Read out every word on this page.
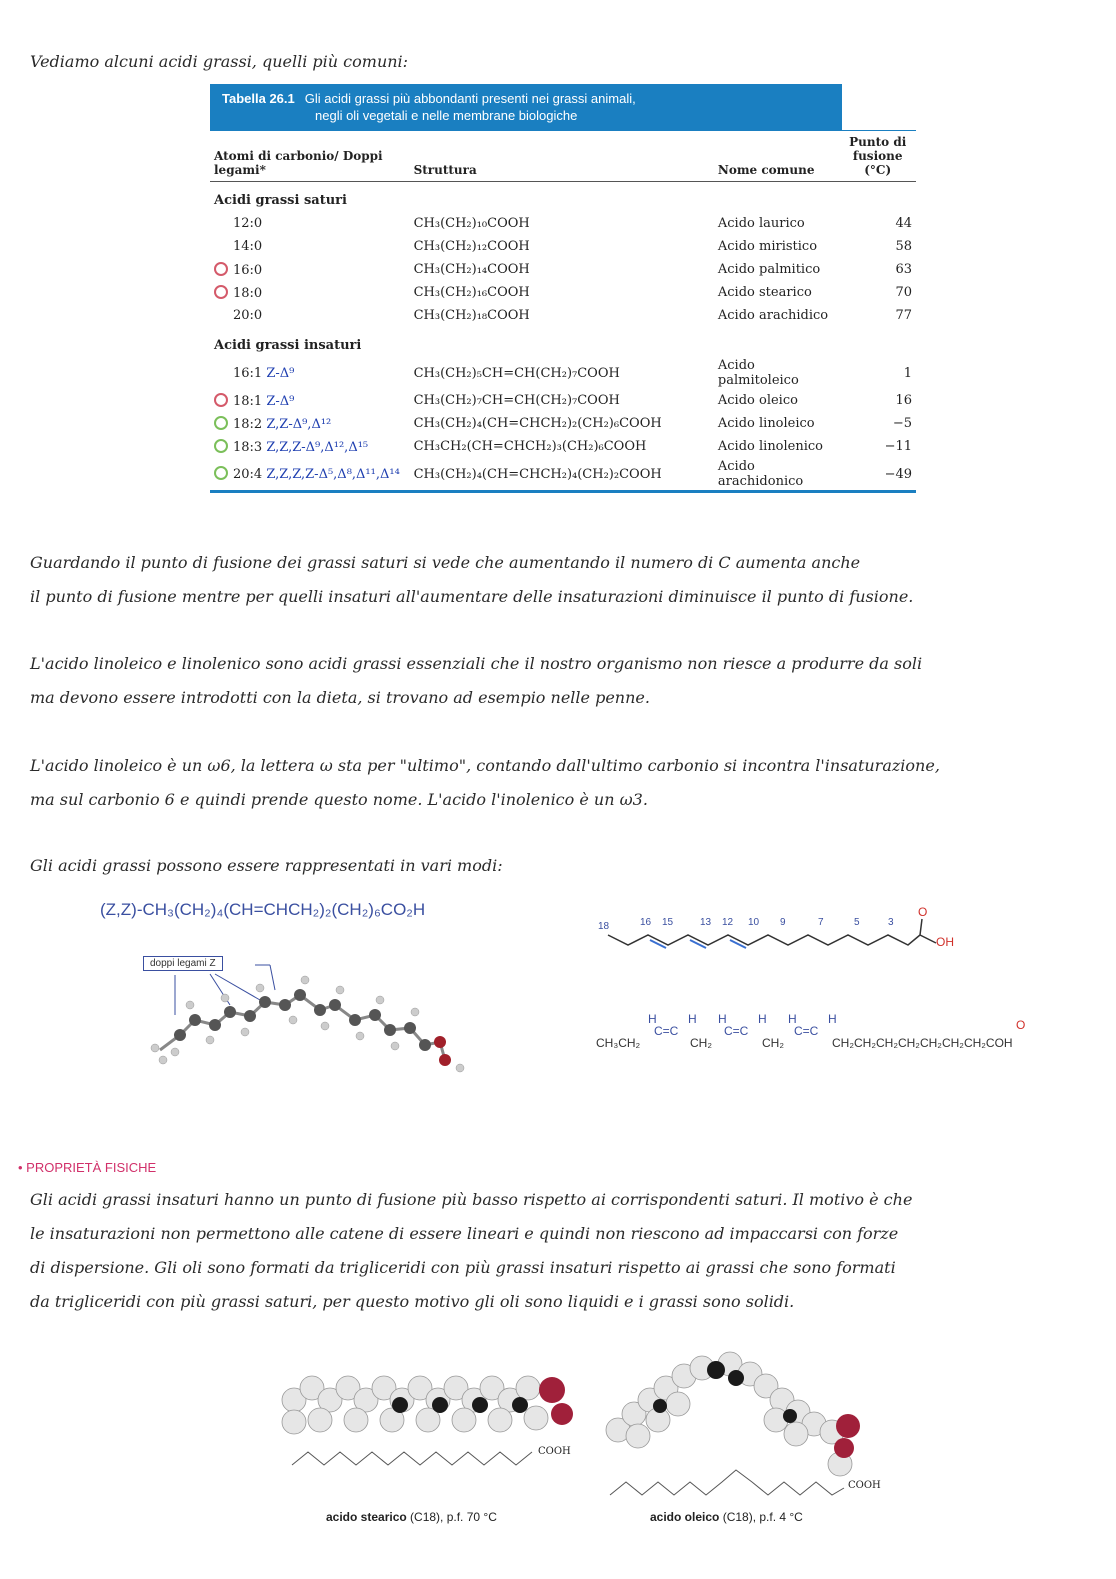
Vediamo alcuni acidi grassi, quelli più comuni:
Tabella 26.1 Gli acidi grassi più abbondanti presenti nei grassi animali,
negli oli vegetali e nelle membrane biologiche
Atomi di carbonio/ Doppi legami*	Struttura	Nome comune	Punto di fusione (°C)
Acidi grassi saturi			
12:0	CH₃(CH₂)₁₀COOH	Acido laurico	44
14:0	CH₃(CH₂)₁₂COOH	Acido miristico	58
16:0	CH₃(CH₂)₁₄COOH	Acido palmitico	63
18:0	CH₃(CH₂)₁₆COOH	Acido stearico	70
20:0	CH₃(CH₂)₁₈COOH	Acido arachidico	77
Acidi grassi insaturi			
16:1 Z-Δ⁹	CH₃(CH₂)₅CH=CH(CH₂)₇COOH	Acido palmitoleico	1
18:1 Z-Δ⁹	CH₃(CH₂)₇CH=CH(CH₂)₇COOH	Acido oleico	16
18:2 Z,Z-Δ⁹,Δ¹²	CH₃(CH₂)₄(CH=CHCH₂)₂(CH₂)₆COOH	Acido linoleico	−5
18:3 Z,Z,Z-Δ⁹,Δ¹²,Δ¹⁵	CH₃CH₂(CH=CHCH₂)₃(CH₂)₆COOH	Acido linolenico	−11
20:4 Z,Z,Z,Z-Δ⁵,Δ⁸,Δ¹¹,Δ¹⁴	CH₃(CH₂)₄(CH=CHCH₂)₄(CH₂)₂COOH	Acido arachidonico	−49
Guardando il punto di fusione dei grassi saturi si vede che aumentando il numero di C aumenta anche
il punto di fusione mentre per quelli insaturi all'aumentare delle insaturazioni diminuisce il punto di fusione.
L'acido linoleico e linolenico sono acidi grassi essenziali che il nostro organismo non riesce a produrre da soli
ma devono essere introdotti con la dieta, si trovano ad esempio nelle penne.
L'acido linoleico è un ω6, la lettera ω sta per "ultimo", contando dall'ultimo carbonio si incontra l'insaturazione,
ma sul carbonio 6 e quindi prende questo nome. L'acido l'inolenico è un ω3.
Gli acidi grassi possono essere rappresentati in vari modi:
(Z,Z)-CH₃(CH₂)₄(CH=CHCH₂)₂(CH₂)₆CO₂H
doppi legami Z
18	16 15	13 12 10 9	7	5	3
O
OH
CH₃CH₂
H
C=C
H
CH₂
H
C=C
H
CH₂
H
C=C
H
CH₂CH₂CH₂CH₂CH₂CH₂CH₂COH
O
• PROPRIETÀ FISICHE
Gli acidi grassi insaturi hanno un punto di fusione più basso rispetto ai corrispondenti saturi. Il motivo è che
le insaturazioni non permettono alle catene di essere lineari e quindi non riescono ad impaccarsi con forze
di dispersione. Gli oli sono formati da trigliceridi con più grassi insaturi rispetto ai grassi che sono formati
da trigliceridi con più grassi saturi, per questo motivo gli oli sono liquidi e i grassi sono solidi.
COOH
acido stearico (C18), p.f. 70 °C
COOH
acido oleico (C18), p.f. 4 °C
